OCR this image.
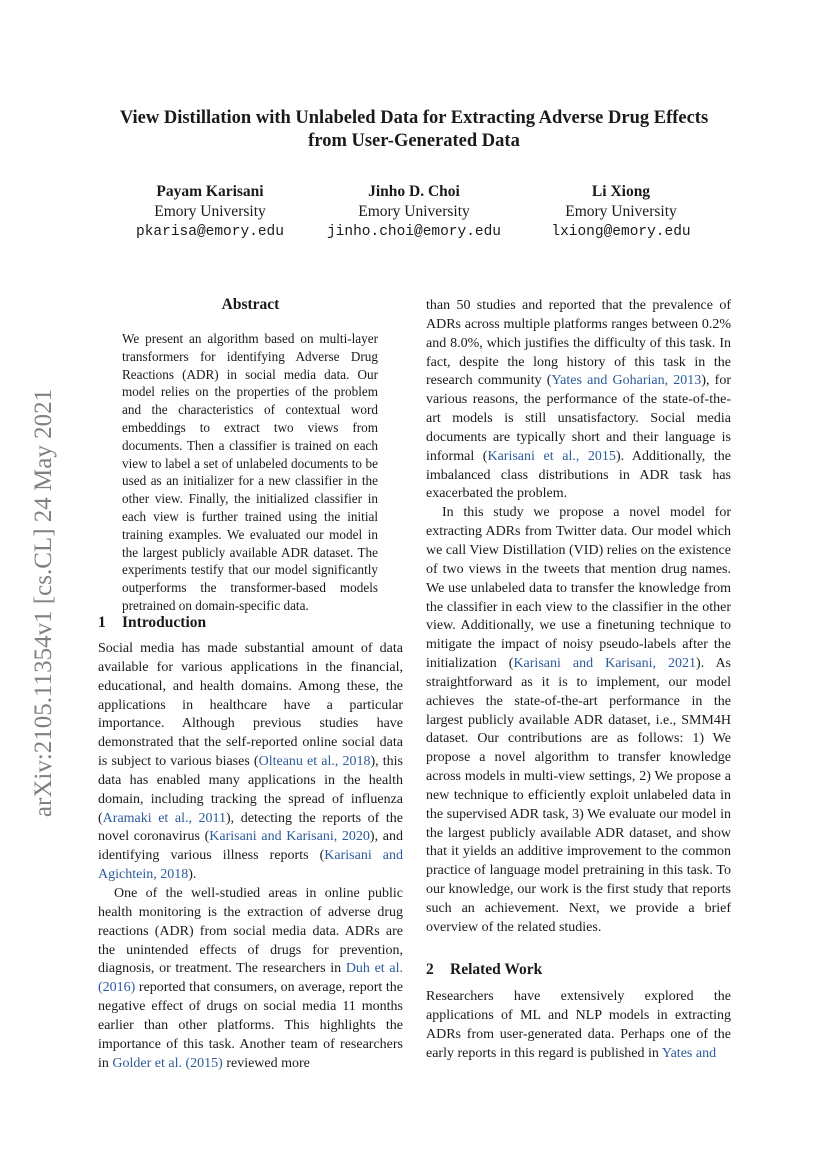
View Distillation with Unlabeled Data for Extracting Adverse Drug Effects from User-Generated Data
Payam Karisani
Emory University
pkarisa@emory.edu
Jinho D. Choi
Emory University
jinho.choi@emory.edu
Li Xiong
Emory University
lxiong@emory.edu
arXiv:2105.11354v1 [cs.CL] 24 May 2021
Abstract
We present an algorithm based on multi-layer transformers for identifying Adverse Drug Reactions (ADR) in social media data. Our model relies on the properties of the problem and the characteristics of contextual word embeddings to extract two views from documents. Then a classifier is trained on each view to label a set of unlabeled documents to be used as an initializer for a new classifier in the other view. Finally, the initialized classifier in each view is further trained using the initial training examples. We evaluated our model in the largest publicly available ADR dataset. The experiments testify that our model significantly outperforms the transformer-based models pretrained on domain-specific data.
1 Introduction

Social media has made substantial amount of data available for various applications in the financial, educational, and health domains. Among these, the applications in healthcare have a particular importance. Although previous studies have demonstrated that the self-reported online social data is subject to various biases (Olteanu et al., 2018), this data has enabled many applications in the health domain, including tracking the spread of influenza (Aramaki et al., 2011), detecting the reports of the novel coronavirus (Karisani and Karisani, 2020), and identifying various illness reports (Karisani and Agichtein, 2018).

One of the well-studied areas in online public health monitoring is the extraction of adverse drug reactions (ADR) from social media data. ADRs are the unintended effects of drugs for prevention, diagnosis, or treatment. The researchers in Duh et al. (2016) reported that consumers, on average, report the negative effect of drugs on social media 11 months earlier than other platforms. This highlights the importance of this task. Another team of researchers in Golder et al. (2015) reviewed more

than 50 studies and reported that the prevalence of ADRs across multiple platforms ranges between 0.2% and 8.0%, which justifies the difficulty of this task. In fact, despite the long history of this task in the research community (Yates and Goharian, 2013), for various reasons, the performance of the state-of-the-art models is still unsatisfactory. Social media documents are typically short and their language is informal (Karisani et al., 2015). Additionally, the imbalanced class distributions in ADR task has exacerbated the problem.

In this study we propose a novel model for extracting ADRs from Twitter data. Our model which we call View Distillation (VID) relies on the existence of two views in the tweets that mention drug names. We use unlabeled data to transfer the knowledge from the classifier in each view to the classifier in the other view. Additionally, we use a finetuning technique to mitigate the impact of noisy pseudo-labels after the initialization (Karisani and Karisani, 2021). As straightforward as it is to implement, our model achieves the state-of-the-art performance in the largest publicly available ADR dataset, i.e., SMM4H dataset. Our contributions are as follows: 1) We propose a novel algorithm to transfer knowledge across models in multi-view settings, 2) We propose a new technique to efficiently exploit unlabeled data in the supervised ADR task, 3) We evaluate our model in the largest publicly available ADR dataset, and show that it yields an additive improvement to the common practice of language model pretraining in this task. To our knowledge, our work is the first study that reports such an achievement. Next, we provide a brief overview of the related studies.

2 Related Work

Researchers have extensively explored the applications of ML and NLP models in extracting ADRs from user-generated data. Perhaps one of the early reports in this regard is published in Yates and
